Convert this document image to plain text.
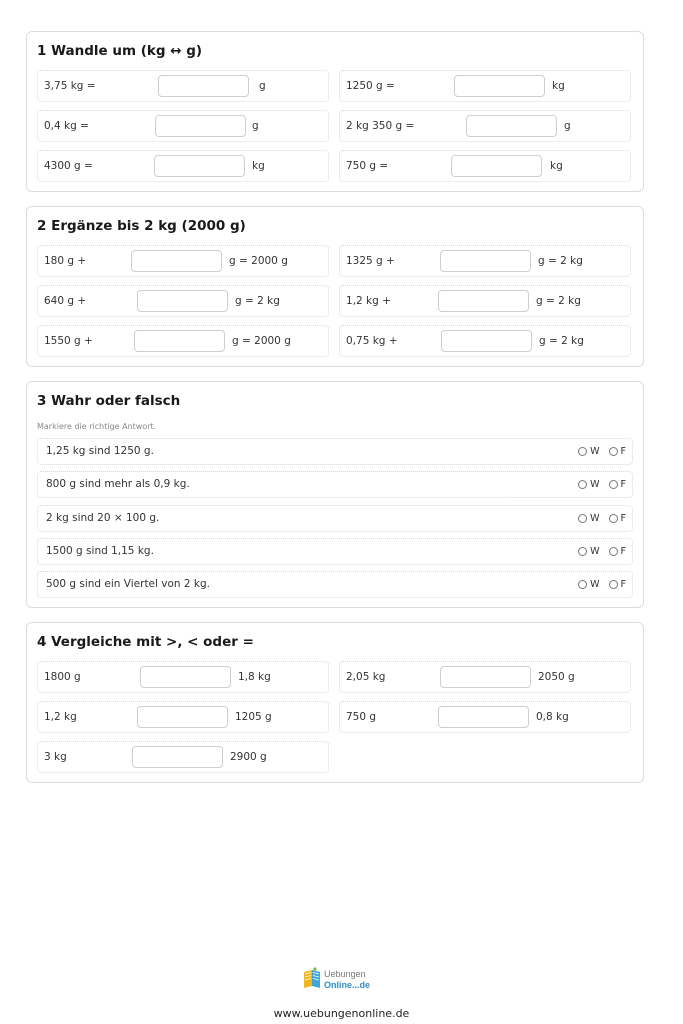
1 Wandle um (kg ↔ g)
3,75 kg =	g	1250 g =	kg
0,4 kg =	g	2 kg 350 g =	g
4300 g =	kg	750 g =	kg
2 Ergänze bis 2 kg (2000 g)
180 g +	g = 2000 g	1325 g +	g = 2 kg
640 g +	g = 2 kg	1,2 kg +	g = 2 kg
1550 g +	g = 2000 g	0,75 kg +	g = 2 kg
3 Wahr oder falsch
Markiere die richtige Antwort.
1,25 kg sind 1250 g.	W F
800 g sind mehr als 0,9 kg.	W F
2 kg sind 20 × 100 g.	W F
1500 g sind 1,15 kg.	W F
500 g sind ein Viertel von 2 kg.	W F
4 Vergleiche mit >, < oder =
1800 g	1,8 kg	2,05 kg	2050 g
1,2 kg	1205 g	750 g	0,8 kg
3 kg	2900 g
Uebungen
Online...de
www.uebungenonline.de
